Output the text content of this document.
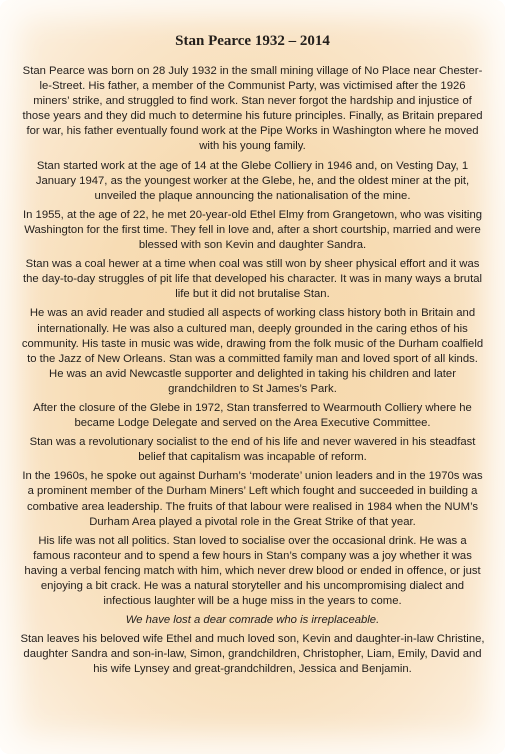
Stan Pearce 1932 – 2014

Stan Pearce was born on 28 July 1932 in the small mining village of No Place near Chester-le-Street. His father, a member of the Communist Party, was victimised after the 1926 miners’ strike, and struggled to find work. Stan never forgot the hardship and injustice of those years and they did much to determine his future principles. Finally, as Britain prepared for war, his father eventually found work at the Pipe Works in Washington where he moved with his young family.

Stan started work at the age of 14 at the Glebe Colliery in 1946 and, on Vesting Day, 1 January 1947, as the youngest worker at the Glebe, he, and the oldest miner at the pit, unveiled the plaque announcing the nationalisation of the mine.

In 1955, at the age of 22, he met 20-year-old Ethel Elmy from Grangetown, who was visiting Washington for the first time. They fell in love and, after a short courtship, married and were blessed with son Kevin and daughter Sandra.

Stan was a coal hewer at a time when coal was still won by sheer physical effort and it was the day-to-day struggles of pit life that developed his character. It was in many ways a brutal life but it did not brutalise Stan.

He was an avid reader and studied all aspects of working class history both in Britain and internationally. He was also a cultured man, deeply grounded in the caring ethos of his community. His taste in music was wide, drawing from the folk music of the Durham coalfield to the Jazz of New Orleans. Stan was a committed family man and loved sport of all kinds. He was an avid Newcastle supporter and delighted in taking his children and later grandchildren to St James’s Park.

After the closure of the Glebe in 1972, Stan transferred to Wearmouth Colliery where he became Lodge Delegate and served on the Area Executive Committee.

Stan was a revolutionary socialist to the end of his life and never wavered in his steadfast belief that capitalism was incapable of reform.

In the 1960s, he spoke out against Durham’s ‘moderate’ union leaders and in the 1970s was a prominent member of the Durham Miners’ Left which fought and succeeded in building a combative area leadership. The fruits of that labour were realised in 1984 when the NUM’s Durham Area played a pivotal role in the Great Strike of that year.

His life was not all politics. Stan loved to socialise over the occasional drink. He was a famous raconteur and to spend a few hours in Stan’s company was a joy whether it was having a verbal fencing match with him, which never drew blood or ended in offence, or just enjoying a bit crack. He was a natural storyteller and his uncompromising dialect and infectious laughter will be a huge miss in the years to come.

We have lost a dear comrade who is irreplaceable.

Stan leaves his beloved wife Ethel and much loved son, Kevin and daughter-in-law Christine, daughter Sandra and son-in-law, Simon, grandchildren, Christopher, Liam, Emily, David and his wife Lynsey and great-grandchildren, Jessica and Benjamin.
